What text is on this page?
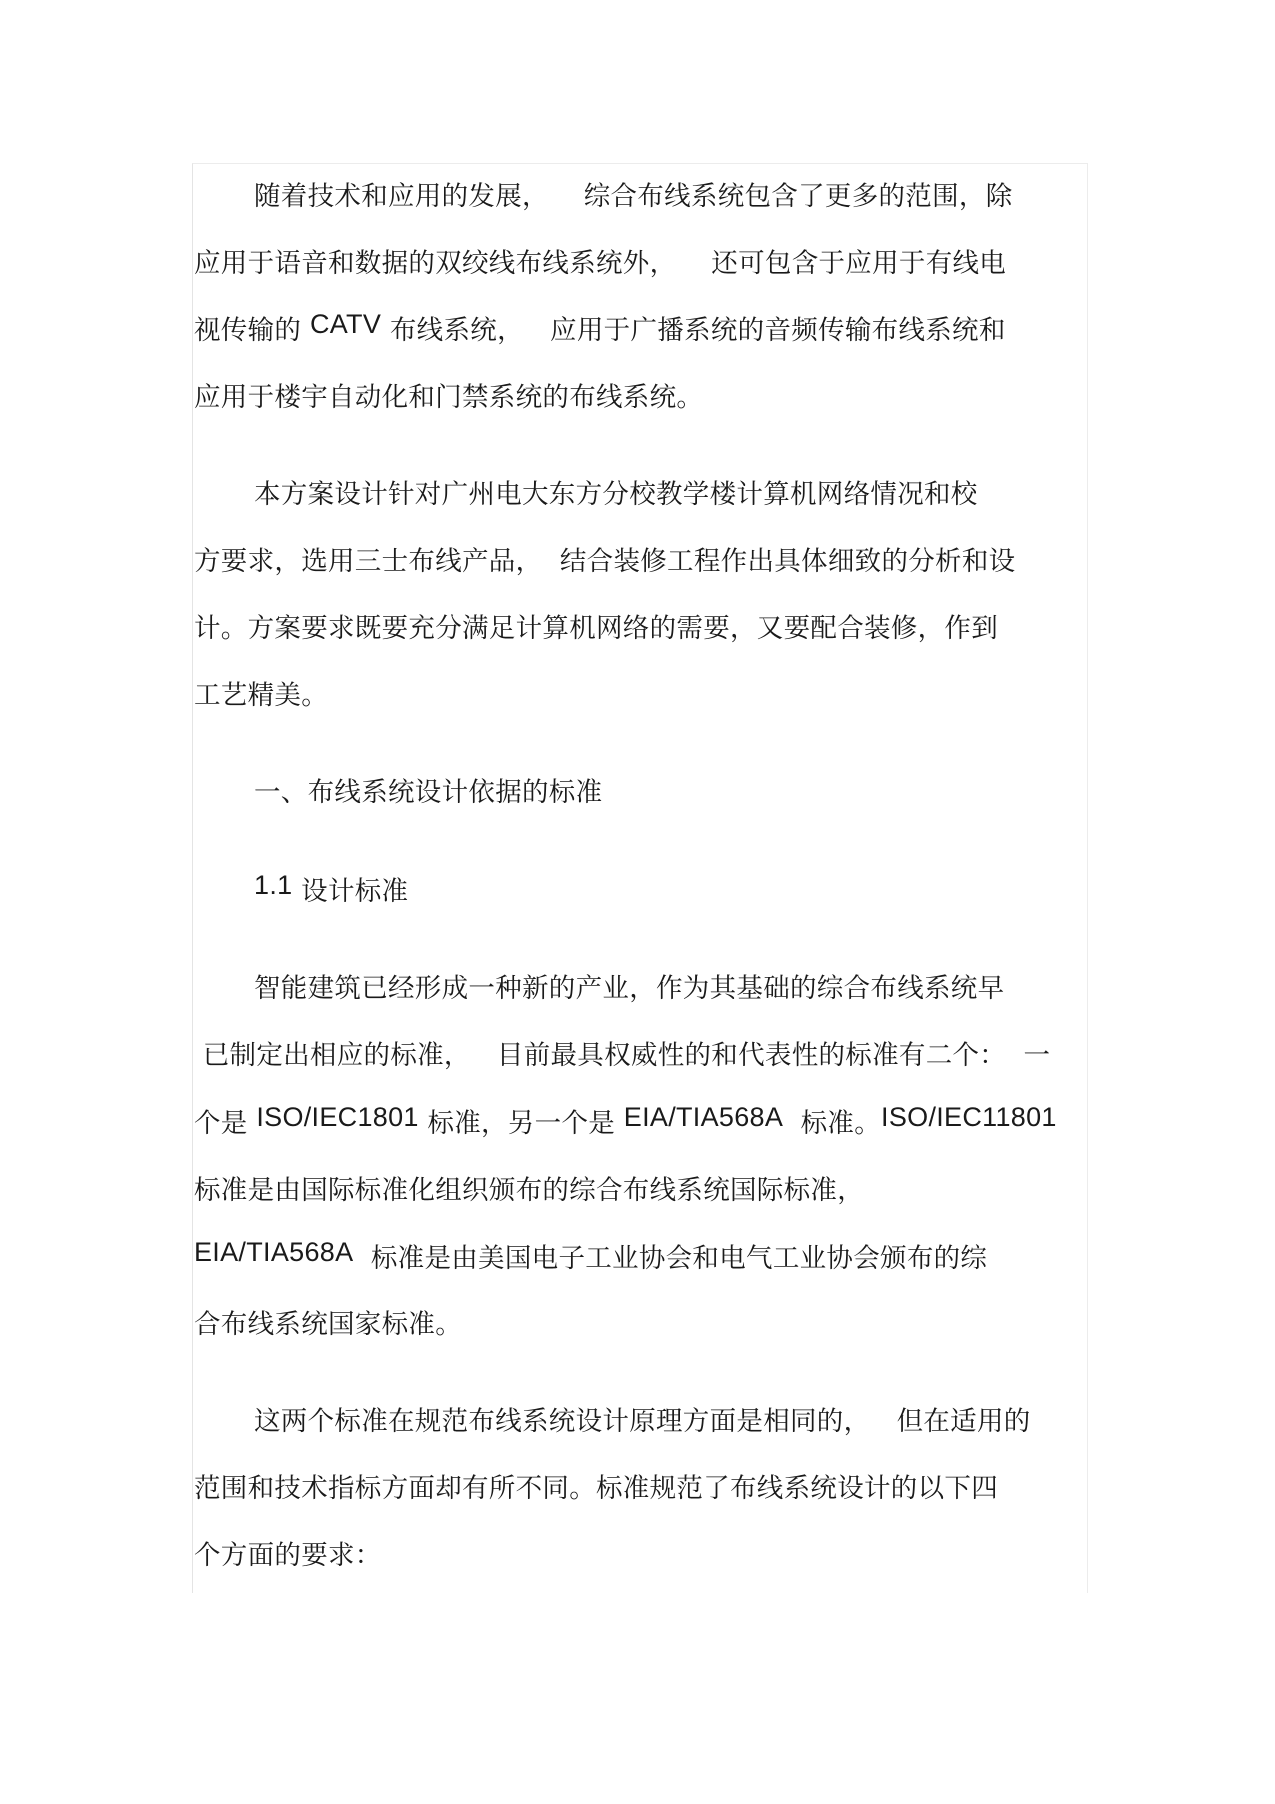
随着技术和应用的发展，    综合布线系统包含了更多的范围，除
应用于语音和数据的双绞线布线系统外，    还可包含于应用于有线电
视传输的 CATV 布线系统，   应用于广播系统的音频传输布线系统和
应用于楼宇自动化和门禁系统的布线系统。
本方案设计针对广州电大东方分校教学楼计算机网络情况和校
方要求，选用三士布线产品，  结合装修工程作出具体细致的分析和设
计。方案要求既要充分满足计算机网络的需要，又要配合装修，作到
工艺精美。
一、布线系统设计依据的标准
1.1 设计标准
智能建筑已经形成一种新的产业，作为其基础的综合布线系统早
已制定出相应的标准，   目前最具权威性的和代表性的标准有二个：  一
个是 ISO/IEC1801 标准，另一个是 EIA/TIA568A  标准。ISO/IEC11801
标准是由国际标准化组织颁布的综合布线系统国际标准，
EIA/TIA568A  标准是由美国电子工业协会和电气工业协会颁布的综
合布线系统国家标准。
这两个标准在规范布线系统设计原理方面是相同的，   但在适用的
范围和技术指标方面却有所不同。标准规范了布线系统设计的以下四
个方面的要求：
